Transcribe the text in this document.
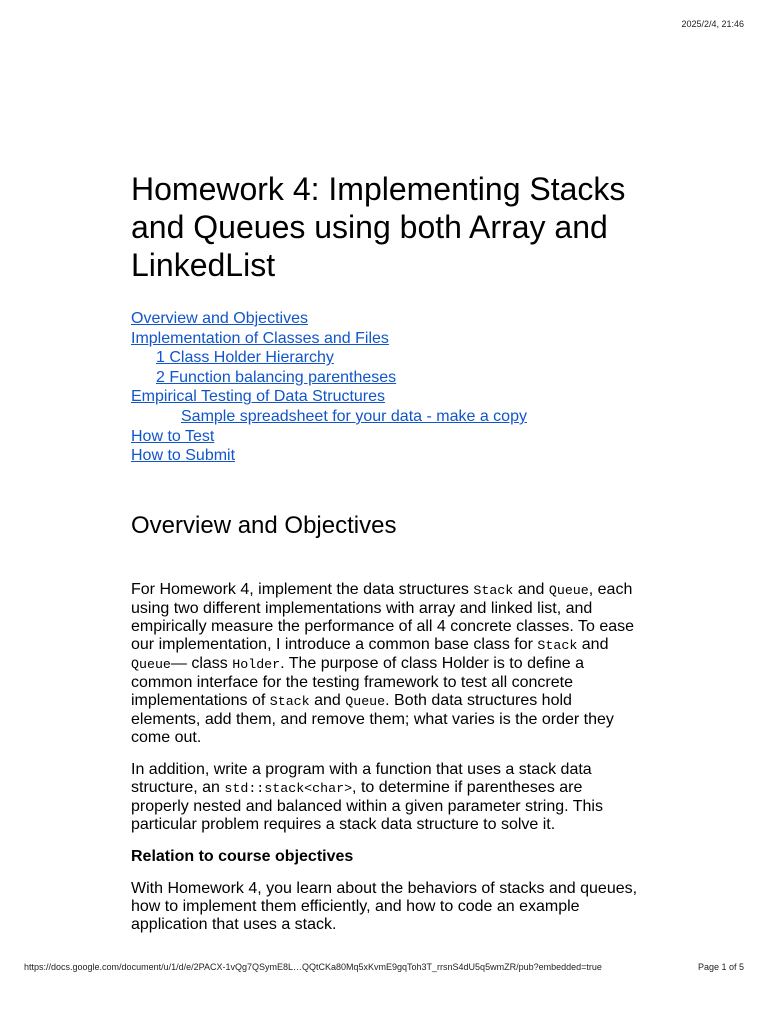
2025/2/4, 21:46
Homework 4: Implementing Stacks and Queues using both Array and LinkedList
Overview and Objectives
Implementation of Classes and Files
1 Class Holder Hierarchy
2 Function balancing parentheses
Empirical Testing of Data Structures
Sample spreadsheet for your data - make a copy
How to Test
How to Submit
Overview and Objectives

For Homework 4, implement the data structures Stack and Queue, each using two different implementations with array and linked list, and empirically measure the performance of all 4 concrete classes. To ease our implementation, I introduce a common base class for Stack and Queue— class Holder. The purpose of class Holder is to define a common interface for the testing framework to test all concrete implementations of Stack and Queue. Both data structures hold elements, add them, and remove them; what varies is the order they come out.

In addition, write a program with a function that uses a stack data structure, an std::stack<char>, to determine if parentheses are properly nested and balanced within a given parameter string. This particular problem requires a stack data structure to solve it.

Relation to course objectives

With Homework 4, you learn about the behaviors of stacks and queues, how to implement them efficiently, and how to code an example application that uses a stack.

https://docs.google.com/document/u/1/d/e/2PACX-1vQg7QSymE8L…QQtCKa80Mq5xKvmE9gqToh3T_rrsnS4dU5q5wmZR/pub?embedded=true	Page 1 of 5
